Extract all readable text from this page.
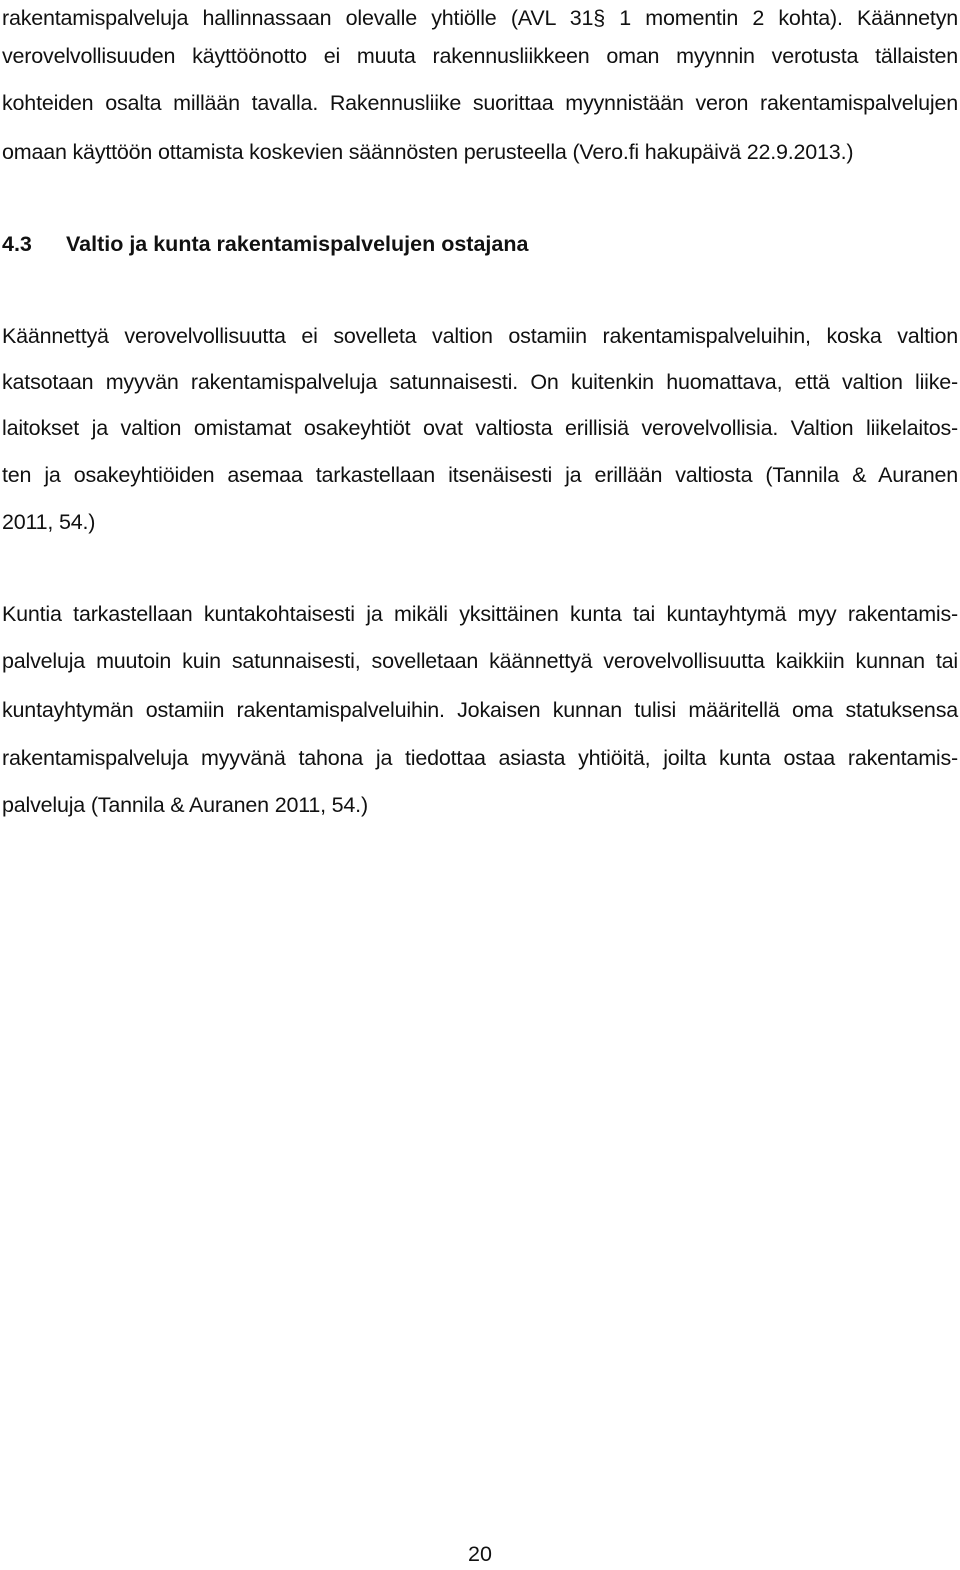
rakentamispalveluja hallinnassaan olevalle yhtiölle (AVL 31§ 1 momentin 2 kohta). Käännetyn
verovelvollisuuden käyttöönotto ei muuta rakennusliikkeen oman myynnin verotusta tällaisten
kohteiden osalta millään tavalla. Rakennusliike suorittaa myynnistään veron rakentamispalvelujen
omaan käyttöön ottamista koskevien säännösten perusteella (Vero.fi hakupäivä 22.9.2013.)
4.3 Valtio ja kunta rakentamispalvelujen ostajana
Käännettyä verovelvollisuutta ei sovelleta valtion ostamiin rakentamispalveluihin, koska valtion
katsotaan myyvän rakentamispalveluja satunnaisesti. On kuitenkin huomattava, että valtion liike-
laitokset ja valtion omistamat osakeyhtiöt ovat valtiosta erillisiä verovelvollisia. Valtion liikelaitos-
ten ja osakeyhtiöiden asemaa tarkastellaan itsenäisesti ja erillään valtiosta (Tannila & Auranen
2011, 54.)
Kuntia tarkastellaan kuntakohtaisesti ja mikäli yksittäinen kunta tai kuntayhtymä myy rakentamis-
palveluja muutoin kuin satunnaisesti, sovelletaan käännettyä verovelvollisuutta kaikkiin kunnan tai
kuntayhtymän ostamiin rakentamispalveluihin. Jokaisen kunnan tulisi määritellä oma statuksensa
rakentamispalveluja myyvänä tahona ja tiedottaa asiasta yhtiöitä, joilta kunta ostaa rakentamis-
palveluja (Tannila & Auranen 2011, 54.)
20
